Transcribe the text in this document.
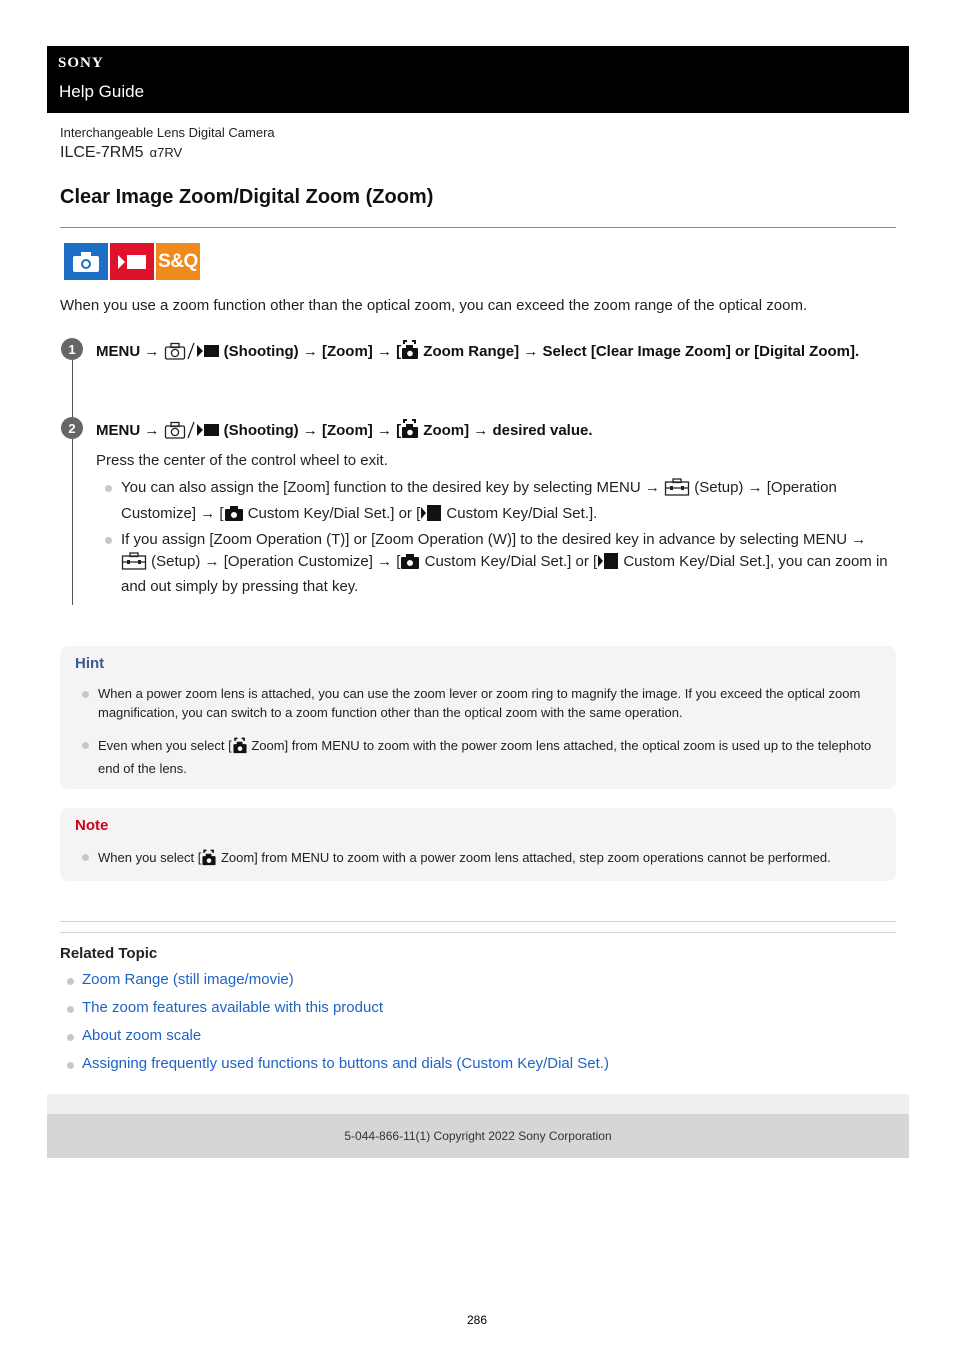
SONY
Help Guide
Interchangeable Lens Digital Camera
ILCE-7RM5 α7RV
Clear Image Zoom/Digital Zoom (Zoom)
S&Q
When you use a zoom function other than the optical zoom, you can exceed the zoom range of the optical zoom.
1	MENU →	(Shooting) → [Zoom] → [ Zoom Range] → Select [Clear Image Zoom] or [Digital Zoom].
2	MENU →	(Shooting) → [Zoom] → [ Zoom] → desired value.
Press the center of the control wheel to exit.
You can also assign the [Zoom] function to the desired key by selecting MENU →  (Setup) → [Operation Customize] → [ Custom Key/Dial Set.] or [ Custom Key/Dial Set.].
If you assign [Zoom Operation (T)] or [Zoom Operation (W)] to the desired key in advance by selecting MENU →  (Setup) → [Operation Customize] → [ Custom Key/Dial Set.] or [ Custom Key/Dial Set.], you can zoom in and out simply by pressing that key.
Hint
When a power zoom lens is attached, you can use the zoom lever or zoom ring to magnify the image. If you exceed the optical zoom magnification, you can switch to a zoom function other than the optical zoom with the same operation.
Even when you select [ Zoom] from MENU to zoom with the power zoom lens attached, the optical zoom is used up to the telephoto end of the lens.
Note
When you select [ Zoom] from MENU to zoom with a power zoom lens attached, step zoom operations cannot be performed.
Related Topic
Zoom Range (still image/movie)
The zoom features available with this product
About zoom scale
Assigning frequently used functions to buttons and dials (Custom Key/Dial Set.)
5-044-866-11(1) Copyright 2022 Sony Corporation
286
